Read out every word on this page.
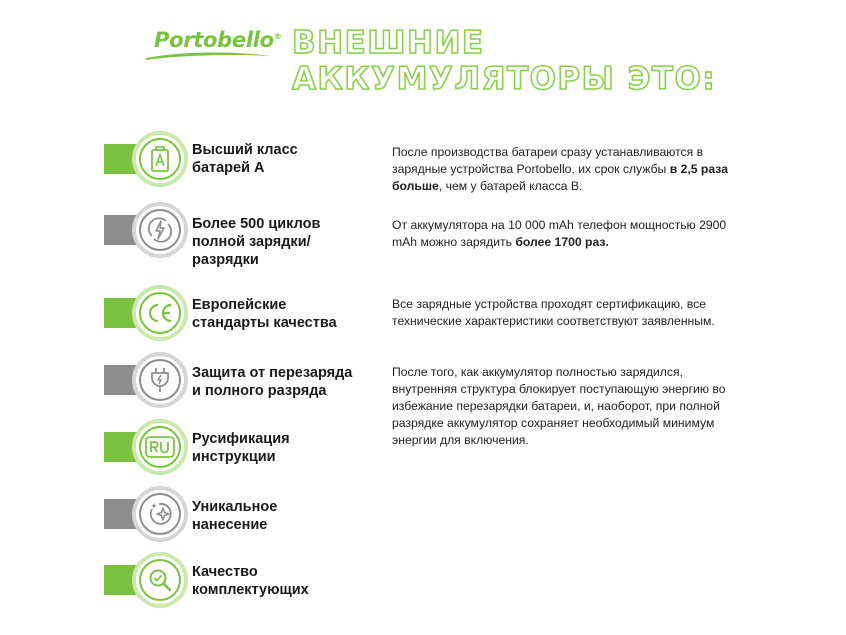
Portobello® ВНЕШНИЕ
АККУМУЛЯТОРЫ ЭТО:
Высший класс
батарей А
Более 500 циклов
полной зарядки/
разрядки
Европейские
стандарты качества
Защита от перезаряда
и полного разряда
Русификация
инструкции
Уникальное
нанесение
Качество
комплектующих
После производства батареи сразу устанавливаются в зарядные устройства Portobello, их срок службы в 2,5 раза больше, чем у батарей класса В.
От аккумулятора на 10 000 mAh телефон мощностью 2900 mAh можно зарядить более 1700 раз.
Все зарядные устройства проходят сертификацию, все технические характеристики соответствуют заявленным.
После того, как аккумулятор полностью зарядился, внутренняя структура блокирует поступающую энергию во избежание перезарядки батареи, и, наоборот, при полной разрядке аккумулятор сохраняет необходимый минимум энергии для включения.
